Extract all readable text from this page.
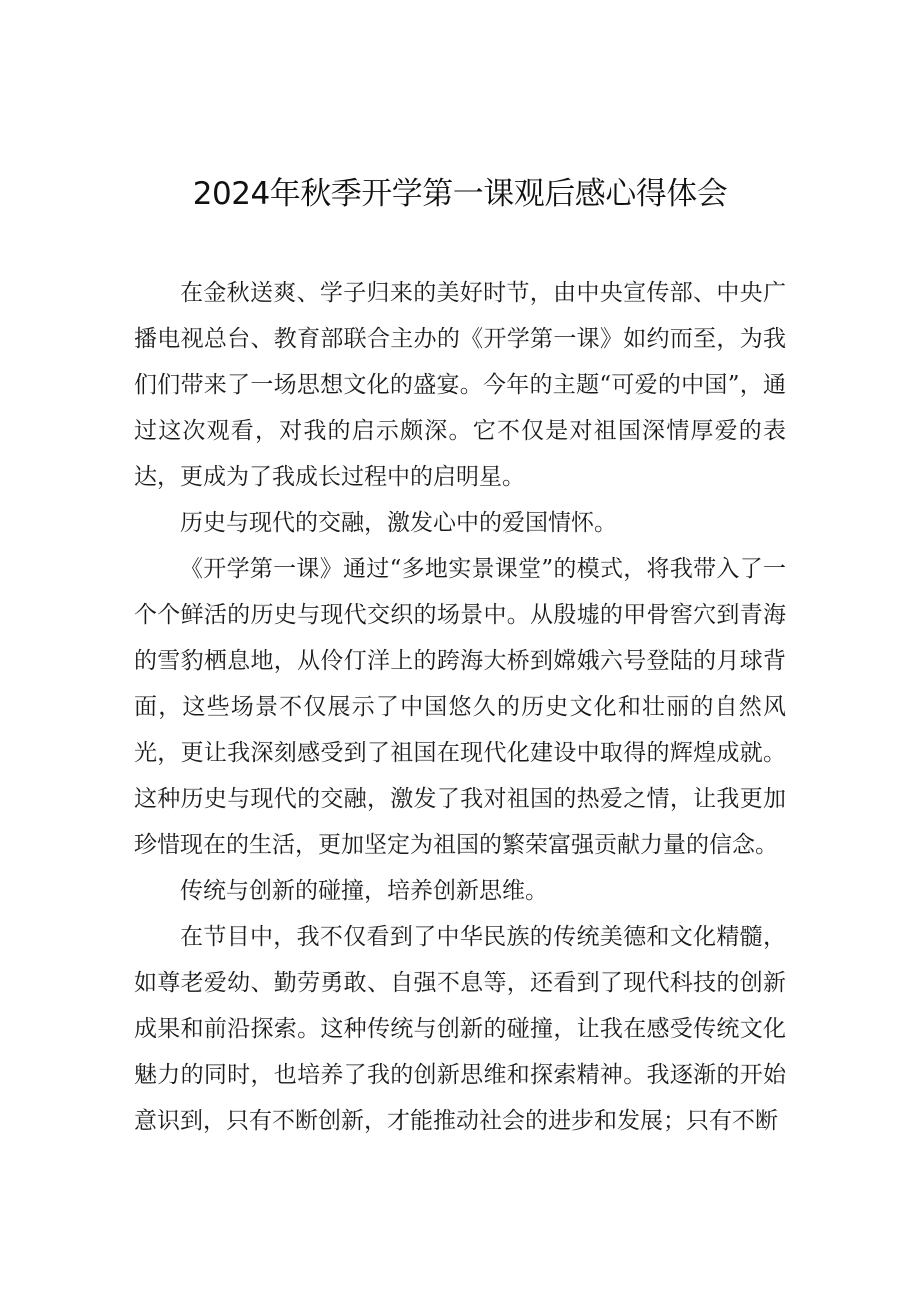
2024年秋季开学第一课观后感心得体会

在金秋送爽、学子归来的美好时节，由中央宣传部、中央广播电视总台、教育部联合主办的《开学第一课》如约而至，为我们们带来了一场思想文化的盛宴。今年的主题“可爱的中国”，通过这次观看，对我的启示颇深。它不仅是对祖国深情厚爱的表达，更成为了我成长过程中的启明星。

历史与现代的交融，激发心中的爱国情怀。

《开学第一课》通过“多地实景课堂”的模式，将我带入了一个个鲜活的历史与现代交织的场景中。从殷墟的甲骨窖穴到青海的雪豹栖息地，从伶仃洋上的跨海大桥到嫦娥六号登陆的月球背面，这些场景不仅展示了中国悠久的历史文化和壮丽的自然风光，更让我深刻感受到了祖国在现代化建设中取得的辉煌成就。这种历史与现代的交融，激发了我对祖国的热爱之情，让我更加珍惜现在的生活，更加坚定为祖国的繁荣富强贡献力量的信念。

传统与创新的碰撞，培养创新思维。

在节目中，我不仅看到了中华民族的传统美德和文化精髓，如尊老爱幼、勤劳勇敢、自强不息等，还看到了现代科技的创新成果和前沿探索。这种传统与创新的碰撞，让我在感受传统文化魅力的同时，也培养了我的创新思维和探索精神。我逐渐的开始意识到，只有不断创新，才能推动社会的进步和发展；只有不断
